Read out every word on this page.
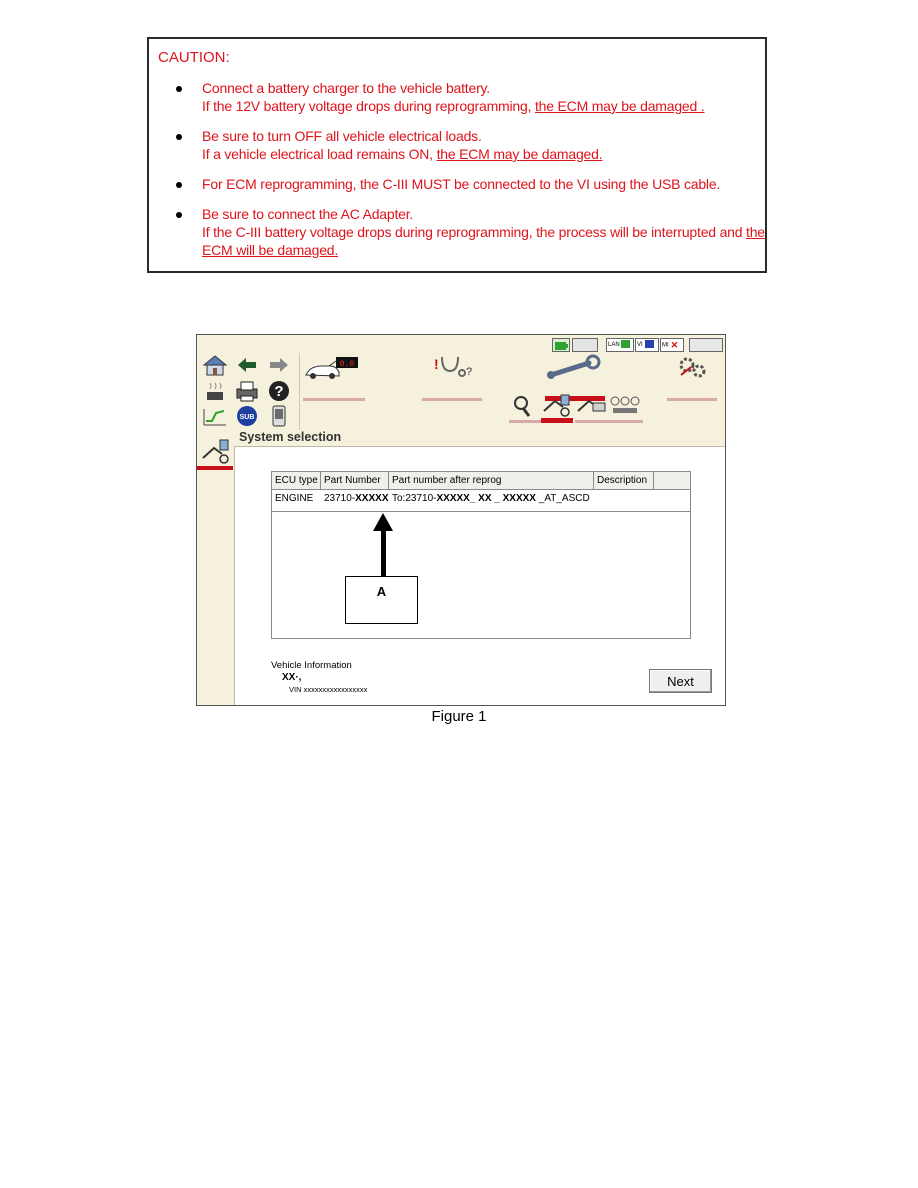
CAUTION:
Connect a battery charger to the vehicle battery.
If the 12V battery voltage drops during reprogramming, the ECM may be damaged .
Be sure to turn OFF all vehicle electrical loads.
If a vehicle electrical load remains ON, the ECM may be damaged.
For ECM reprogramming, the C-III MUST be connected to the VI using the USB cable.
Be sure to connect the AC Adapter.
If the C-III battery voltage drops during reprogramming, the process will be interrupted and the
ECM will be damaged.
LAN	VI	MI ✕
?
SUB
0.0	! ?
System selection
ECU type Part Number	Part number after reprog	Description
ENGINE 23710-XXXXX To:23710-XXXXX_ XX _ XXXXX _AT_ASCD
A
Vehicle Information
XX·,
VIN xxxxxxxxxxxxxxxxx
Next
Figure 1
